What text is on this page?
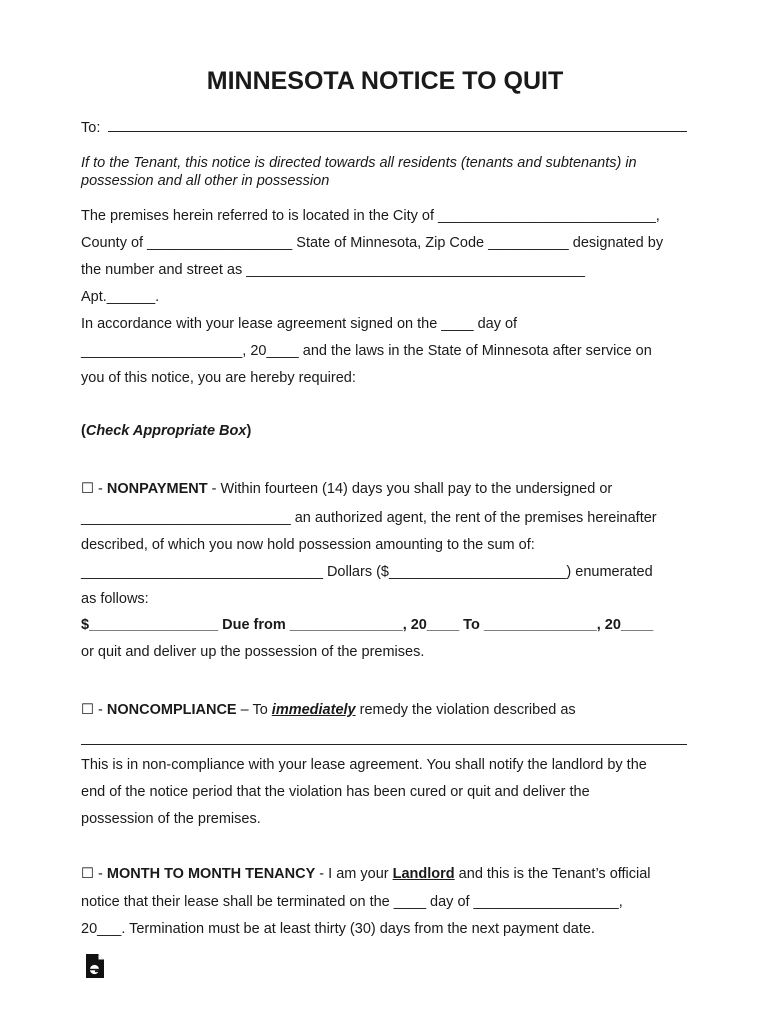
MINNESOTA NOTICE TO QUIT
To:
If to the Tenant, this notice is directed towards all residents (tenants and subtenants) in
possession and all other in possession
The premises herein referred to is located in the City of ___________________________,
County of __________________ State of Minnesota, Zip Code __________ designated by
the number and street as __________________________________________
Apt.______.
In accordance with your lease agreement signed on the ____ day of
____________________, 20____ and the laws in the State of Minnesota after service on
you of this notice, you are hereby required:
(Check Appropriate Box)
☐ - NONPAYMENT - Within fourteen (14) days you shall pay to the undersigned or
__________________________ an authorized agent, the rent of the premises hereinafter
described, of which you now hold possession amounting to the sum of:
______________________________ Dollars ($______________________) enumerated
as follows:
$________________ Due from ______________, 20____ To ______________, 20____
or quit and deliver up the possession of the premises.
☐ - NONCOMPLIANCE – To immediately remedy the violation described as
This is in non-compliance with your lease agreement. You shall notify the landlord by the
end of the notice period that the violation has been cured or quit and deliver the
possession of the premises.
☐ - MONTH TO MONTH TENANCY - I am your Landlord and this is the Tenant’s official
notice that their lease shall be terminated on the ____ day of __________________,
20___. Termination must be at least thirty (30) days from the next payment date.
